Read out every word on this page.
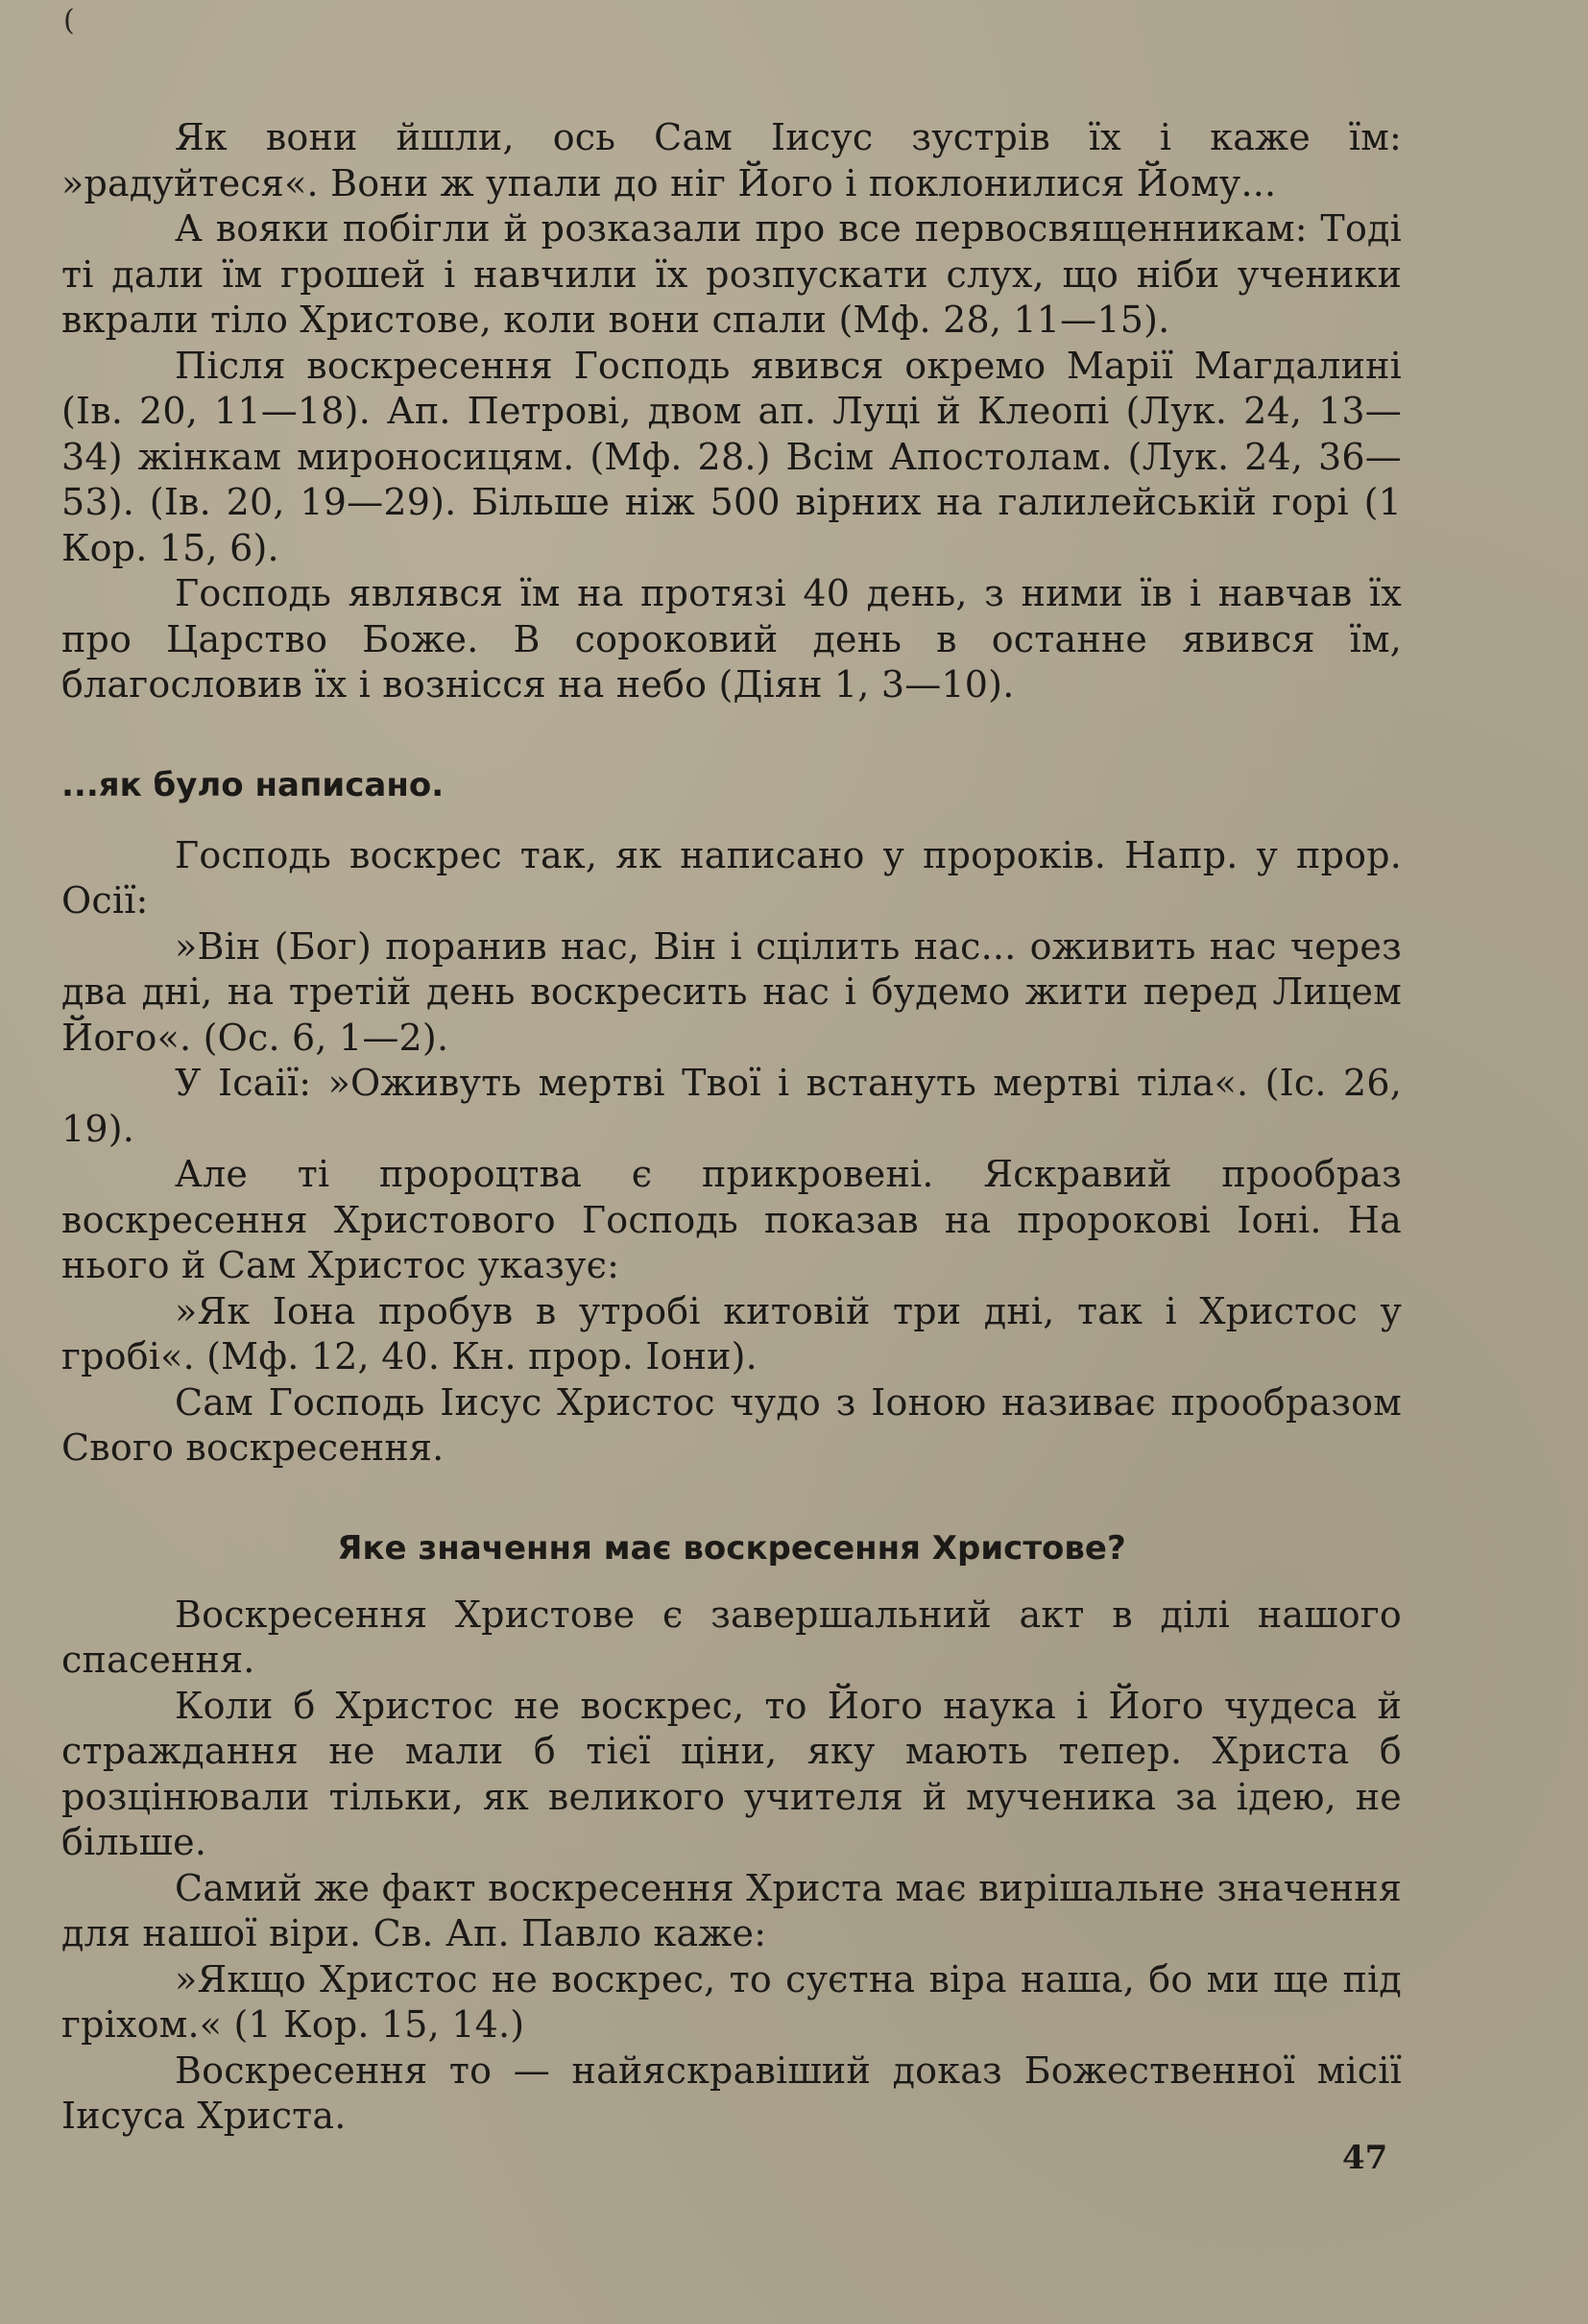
(

Як вони йшли, ось Сам Іисус зустрів їх і каже їм: »радуйтеся«. Вони ж упали до ніг Його і поклонилися Йому...

А вояки побігли й розказали про все первосвященникам: Тоді ті дали їм грошей і навчили їх розпускати слух, що ніби ученики вкрали тіло Христове, коли вони спали (Мф. 28, 11—15).

Після воскресення Господь явився окремо Марії Магдалині (Ів. 20, 11—18). Ап. Петрові, двом ап. Луці й Клеопі (Лук. 24, 13—34) жінкам мироносицям. (Мф. 28.) Всім Апостолам. (Лук. 24, 36—53). (Ів. 20, 19—29). Більше ніж 500 вірних на галилейській горі (1 Кор. 15, 6).

Господь являвся їм на протязі 40 день, з ними їв і навчав їх про Царство Боже. В сороковий день в останне явився їм, благословив їх і вознісся на небо (Діян 1, 3—10).

...як було написано.

Господь воскрес так, як написано у пророків. Напр. у прор. Осії:

»Він (Бог) поранив нас, Він і сцілить нас... оживить нас через два дні, на третій день воскресить нас і будемо жити перед Лицем Його«. (Ос. 6, 1—2).

У Ісаії: »Оживуть мертві Твої і встануть мертві тіла«. (Іс. 26, 19).

Але ті пророцтва є прикровені. Яскравий прообраз воскресення Христового Господь показав на пророкові Іоні. На нього й Сам Христос указує:

»Як Іона пробув в утробі китовій три дні, так і Христос у гробі«. (Мф. 12, 40. Кн. прор. Іони).

Сам Господь Іисус Христос чудо з Іоною називає прообразом Свого воскресення.

Яке значення має воскресення Христове?

Воскресення Христове є завершальний акт в ділі нашого спасення.

Коли б Христос не воскрес, то Його наука і Його чудеса й страждання не мали б тієї ціни, яку мають тепер. Христа б розцінювали тільки, як великого учителя й мученика за ідею, не більше.

Самий же факт воскресення Христа має вирішальне значення для нашої віри. Св. Ап. Павло каже:

»Якщо Христос не воскрес, то суєтна віра наша, бо ми ще під гріхом.« (1 Кор. 15, 14.)

Воскресення то — найяскравіший доказ Божественної місії Іисуса Христа.

47
